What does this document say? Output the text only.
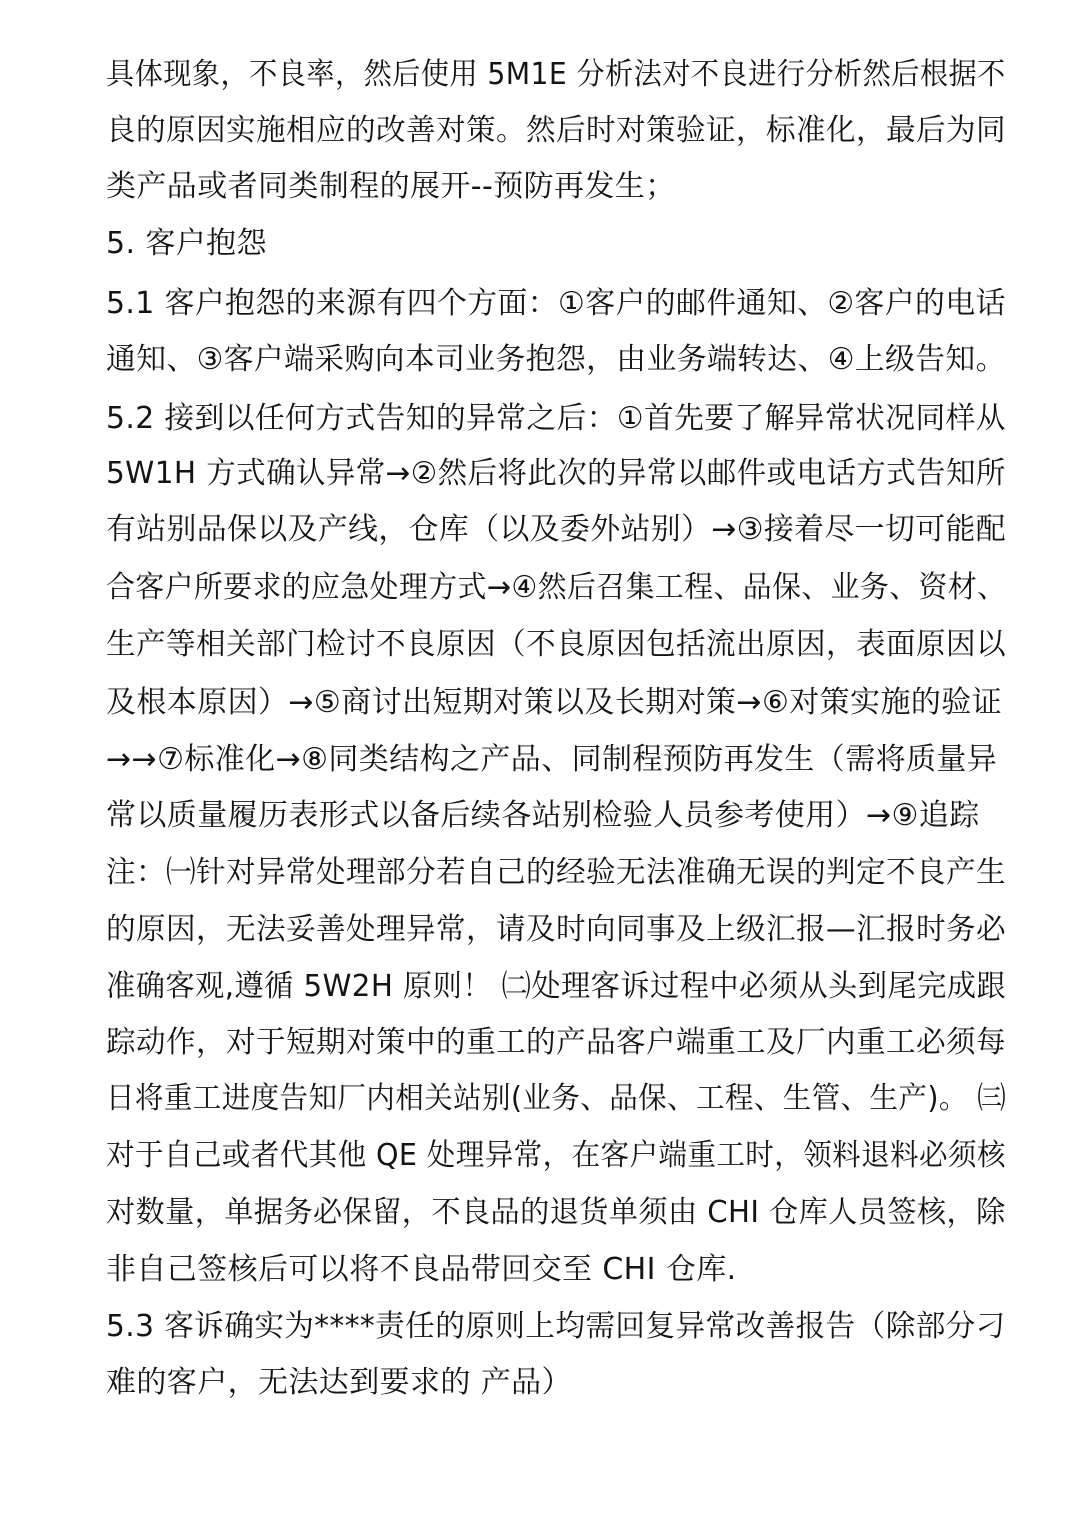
具体现象，不良率，然后使用 5M1E 分析法对不良进行分析然后根据不
良的原因实施相应的改善对策。然后时对策验证，标准化，最后为同
类产品或者同类制程的展开--预防再发生；
5. 客户抱怨
5.1 客户抱怨的来源有四个方面：①客户的邮件通知、②客户的电话
通知、③客户端采购向本司业务抱怨，由业务端转达、④上级告知。
5.2 接到以任何方式告知的异常之后：①首先要了解异常状况同样从
5W1H 方式确认异常→②然后将此次的异常以邮件或电话方式告知所
有站别品保以及产线，仓库（以及委外站别）→③接着尽一切可能配
合客户所要求的应急处理方式→④然后召集工程、品保、业务、资材、
生产等相关部门检讨不良原因（不良原因包括流出原因，表面原因以
及根本原因）→⑤商讨出短期对策以及长期对策→⑥对策实施的验证
→→⑦标准化→⑧同类结构之产品、同制程预防再发生（需将质量异
常以质量履历表形式以备后续各站别检验人员参考使用）→⑨追踪
注：㈠针对异常处理部分若自己的经验无法准确无误的判定不良产生
的原因，无法妥善处理异常，请及时向同事及上级汇报—汇报时务必
准确客观,遵循 5W2H 原则！ ㈡处理客诉过程中必须从头到尾完成跟
踪动作，对于短期对策中的重工的产品客户端重工及厂内重工必须每
日将重工进度告知厂内相关站别(业务、品保、工程、生管、生产)。 ㈢
对于自己或者代其他 QE 处理异常，在客户端重工时，领料退料必须核
对数量，单据务必保留，不良品的退货单须由 CHI 仓库人员签核，除
非自己签核后可以将不良品带回交至 CHI 仓库.
5.3 客诉确实为****责任的原则上均需回复异常改善报告（除部分刁
难的客户，无法达到要求的 产品）
